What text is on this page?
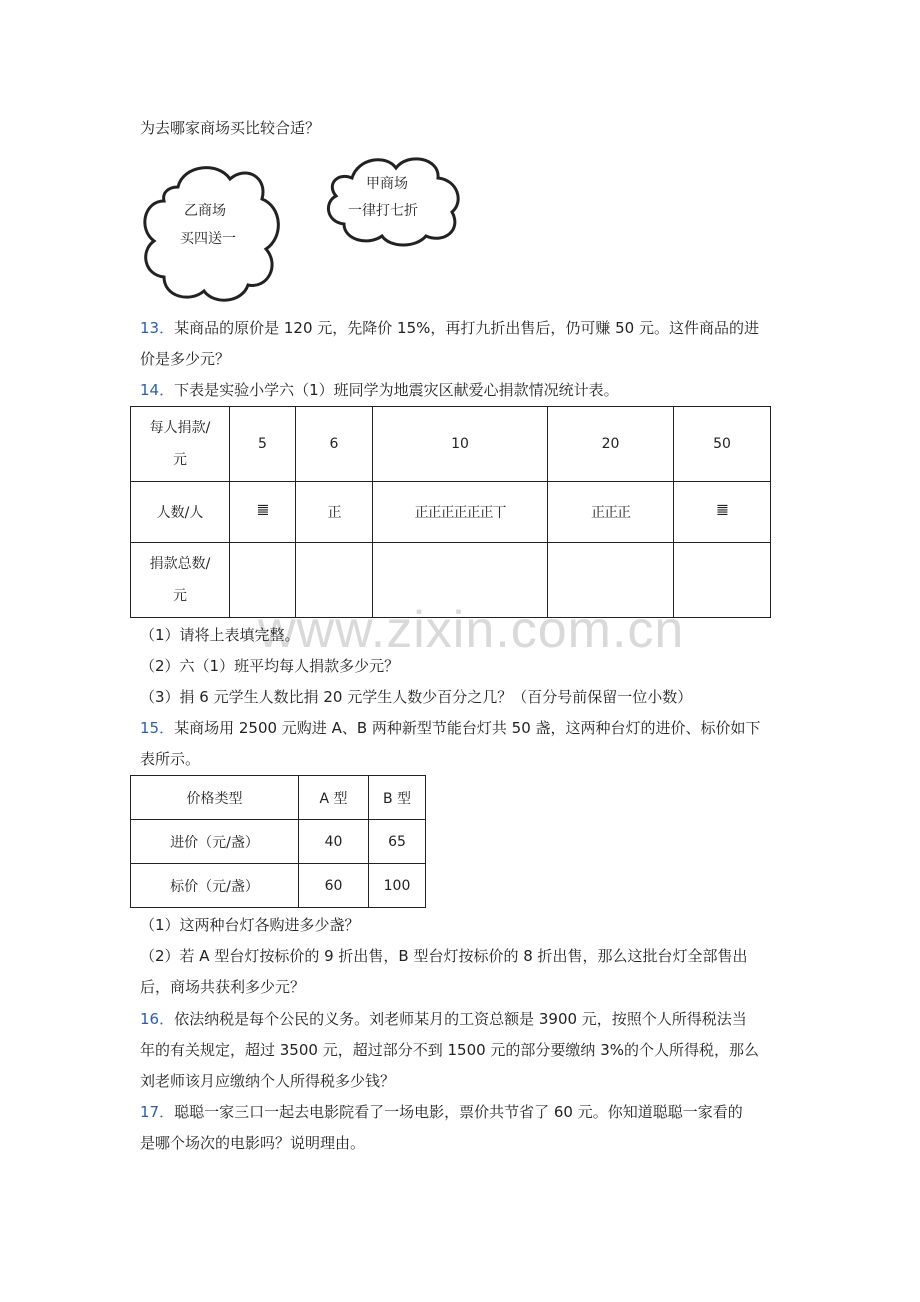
为去哪家商场买比较合适？
乙商场
买四送一
甲商场
一律打七折
13．某商品的原价是 120 元，先降价 15%，再打九折出售后，仍可赚 50 元。这件商品的进
价是多少元？
14．下表是实验小学六（1）班同学为地震灾区献爱心捐款情况统计表。
每人捐款/
元	5	6	10	20	50
人数/人	𝍤	正	正正正正正正丅	正正正	𝍤
捐款总数/
元					
www.zixin.com.cn
（1）请将上表填完整。
（2）六（1）班平均每人捐款多少元？
（3）捐 6 元学生人数比捐 20 元学生人数少百分之几？（百分号前保留一位小数）
15．某商场用 2500 元购进 A、B 两种新型节能台灯共 50 盏，这两种台灯的进价、标价如下
表所示。
价格类型	A 型	B 型
进价（元/盏）	40	65
标价（元/盏）	60	100
（1）这两种台灯各购进多少盏？
（2）若 A 型台灯按标价的 9 折出售，B 型台灯按标价的 8 折出售，那么这批台灯全部售出
后，商场共获利多少元？
16．依法纳税是每个公民的义务。刘老师某月的工资总额是 3900 元，按照个人所得税法当
年的有关规定，超过 3500 元，超过部分不到 1500 元的部分要缴纳 3%的个人所得税，那么
刘老师该月应缴纳个人所得税多少钱？
17．聪聪一家三口一起去电影院看了一场电影，票价共节省了 60 元。你知道聪聪一家看的
是哪个场次的电影吗？说明理由。
